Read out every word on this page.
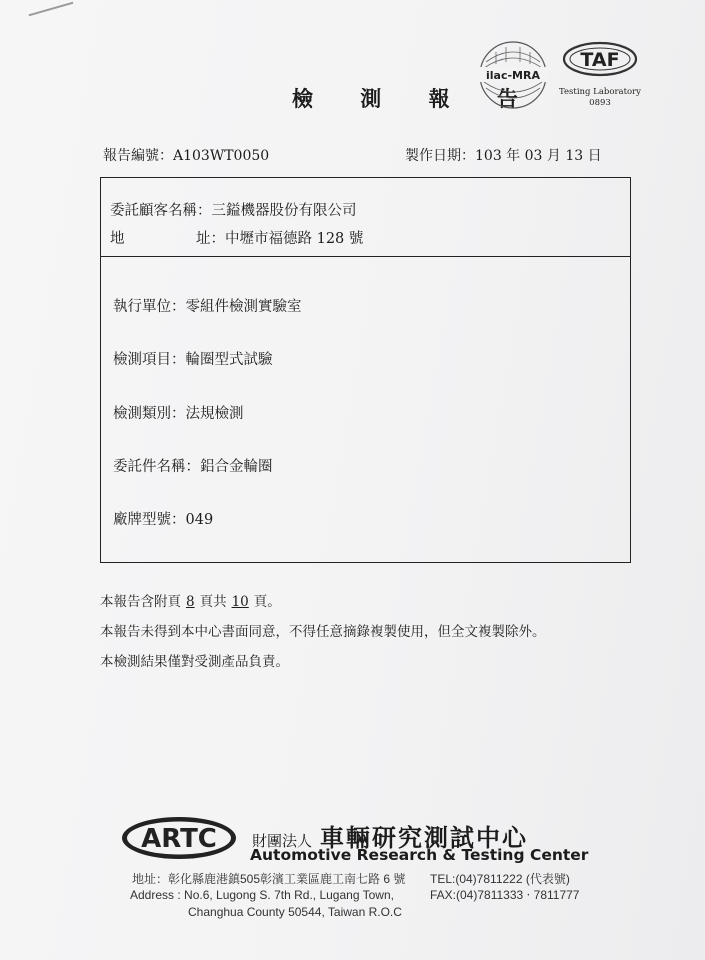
檢 測 報 告
ilac-MRA
TAF
Testing Laboratory
0893
報告編號：A103WT0050	製作日期：103 年 03 月 13 日
委託顧客名稱：三鎰機器股份有限公司
地	址：中壢市福德路 128 號
執行單位：零組件檢測實驗室
檢測項目：輪圈型式試驗
檢測類別：法規檢測
委託件名稱：鋁合金輪圈
廠牌型號：049
本報告含附頁 8 頁共 10 頁。
本報告未得到本中心書面同意，不得任意摘錄複製使用，但全文複製除外。
本檢測結果僅對受測產品負責。
ARTC 財團法人 車輛研究測試中心
Automotive Research & Testing Center
地址：彰化縣鹿港鎮505彰濱工業區鹿工南七路 6 號 TEL:(04)7811222 (代表號)
Address : No.6, Lugong S. 7th Rd., Lugang Town,	FAX:(04)7811333 ‧ 7811777
Changhua County 50544, Taiwan R.O.C
